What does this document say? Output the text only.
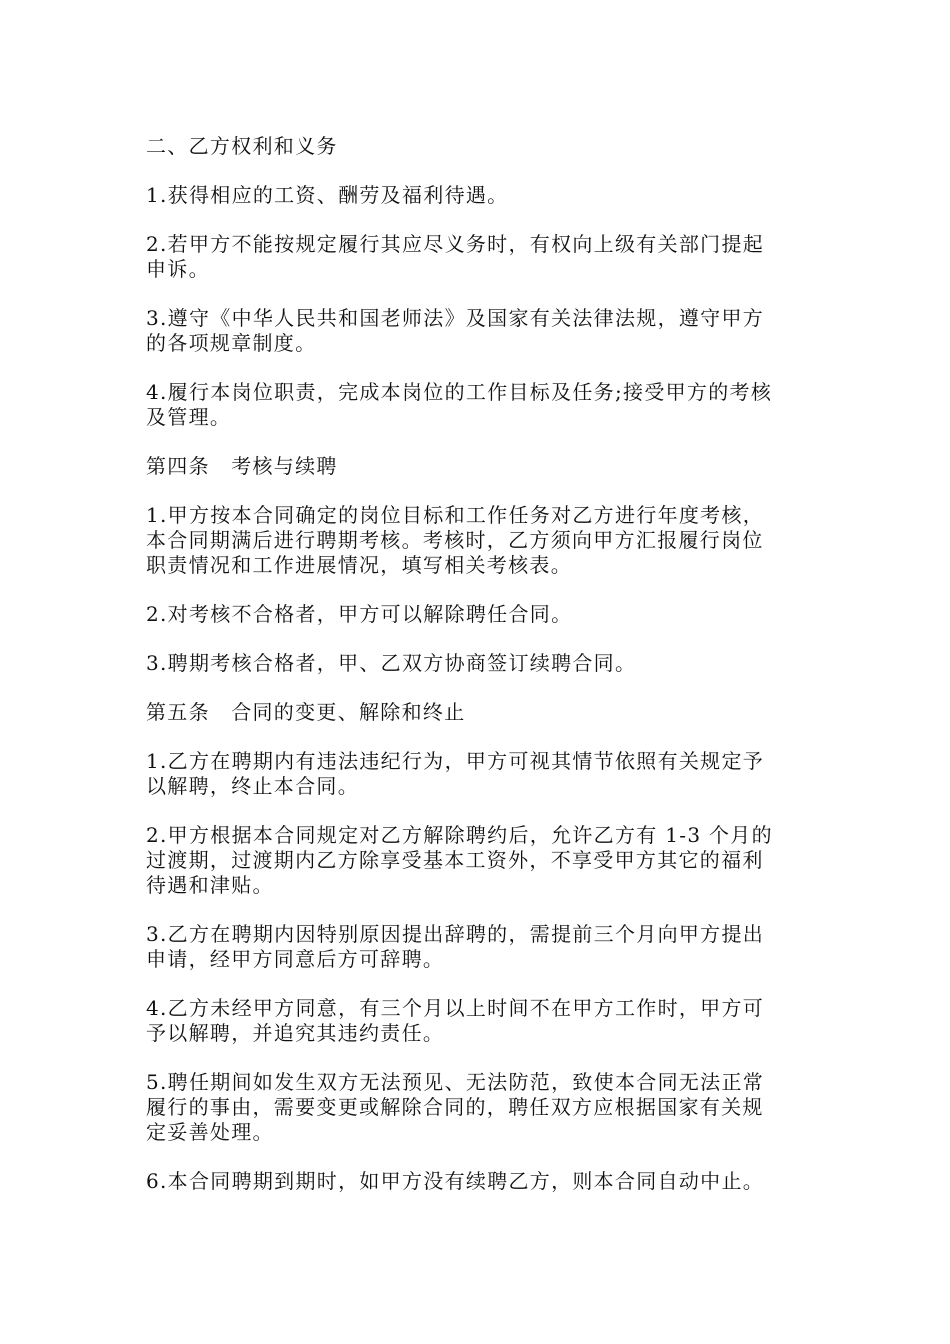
二、乙方权利和义务

1.获得相应的工资、酬劳及福利待遇。

2.若甲方不能按规定履行其应尽义务时，有权向上级有关部门提起
申诉。

3.遵守《中华人民共和国老师法》及国家有关法律法规，遵守甲方
的各项规章制度。

4.履行本岗位职责，完成本岗位的工作目标及任务;接受甲方的考核
及管理。

第四条　考核与续聘

1.甲方按本合同确定的岗位目标和工作任务对乙方进行年度考核，
本合同期满后进行聘期考核。考核时，乙方须向甲方汇报履行岗位
职责情况和工作进展情况，填写相关考核表。

2.对考核不合格者，甲方可以解除聘任合同。

3.聘期考核合格者，甲、乙双方协商签订续聘合同。

第五条　合同的变更、解除和终止

1.乙方在聘期内有违法违纪行为，甲方可视其情节依照有关规定予
以解聘，终止本合同。

2.甲方根据本合同规定对乙方解除聘约后，允许乙方有 1-3 个月的
过渡期，过渡期内乙方除享受基本工资外，不享受甲方其它的福利
待遇和津贴。

3.乙方在聘期内因特别原因提出辞聘的，需提前三个月向甲方提出
申请，经甲方同意后方可辞聘。

4.乙方未经甲方同意，有三个月以上时间不在甲方工作时，甲方可
予以解聘，并追究其违约责任。

5.聘任期间如发生双方无法预见、无法防范，致使本合同无法正常
履行的事由，需要变更或解除合同的，聘任双方应根据国家有关规
定妥善处理。

6.本合同聘期到期时，如甲方没有续聘乙方，则本合同自动中止。
